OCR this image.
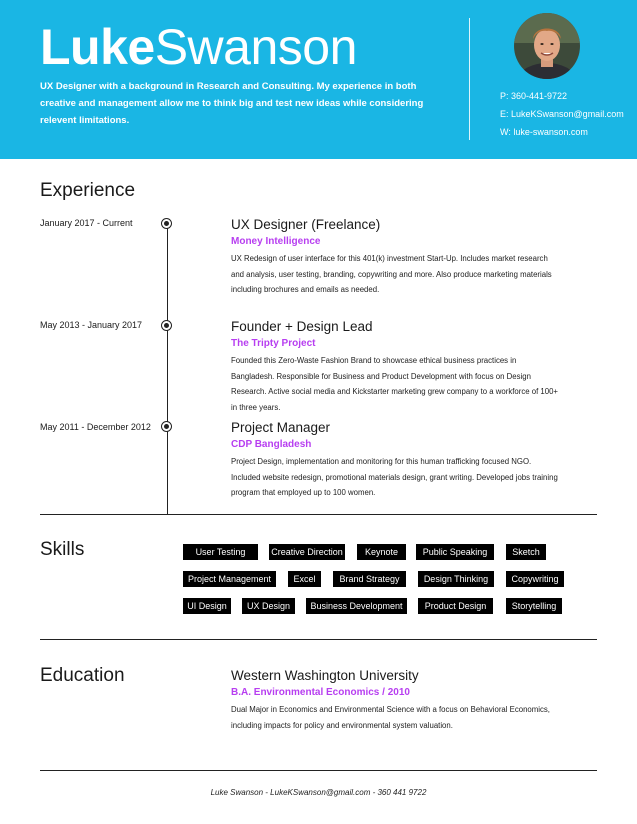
LukeSwanson
UX Designer with a background in Research and Consulting. My experience in both creative and management allow me to think big and test new ideas while considering relevent limitations.
P: 360-441-9722
E: LukeKSwanson@gmail.com
W: luke-swanson.com
Experience
January 2017 - Current	UX Designer (Freelance)
Money Intelligence
UX Redesign of user interface for this 401(k) investment Start-Up. Includes market research and analysis, user testing, branding, copywriting and more. Also produce marketing materials including brochures and emails as needed.
May 2013 - January 2017	Founder + Design Lead
The Tripty Project
Founded this Zero-Waste Fashion Brand to showcase ethical business practices in Bangladesh. Responsible for Business and Product Development with focus on Design Research. Active social media and Kickstarter marketing grew company to a workforce of 100+ in three years.
May 2011 - December 2012	Project Manager
CDP Bangladesh
Project Design, implementation and monitoring for this human trafficking focused NGO. Included website redesign, promotional materials design, grant writing. Developed jobs training program that employed up to 100 women.
Skills	User Testing	Creative Direction	Keynote	Public Speaking	Sketch
Project Management	Excel	Brand Strategy	Design Thinking	Copywriting
UI Design	UX Design	Business Development	Product Design	Storytelling
Education	Western Washington University
B.A. Environmental Economics / 2010
Dual Major in Economics and Environmental Science with a focus on Behavioral Economics, including impacts for policy and environmental system valuation.
Luke Swanson - LukeKSwanson@gmail.com - 360 441 9722
